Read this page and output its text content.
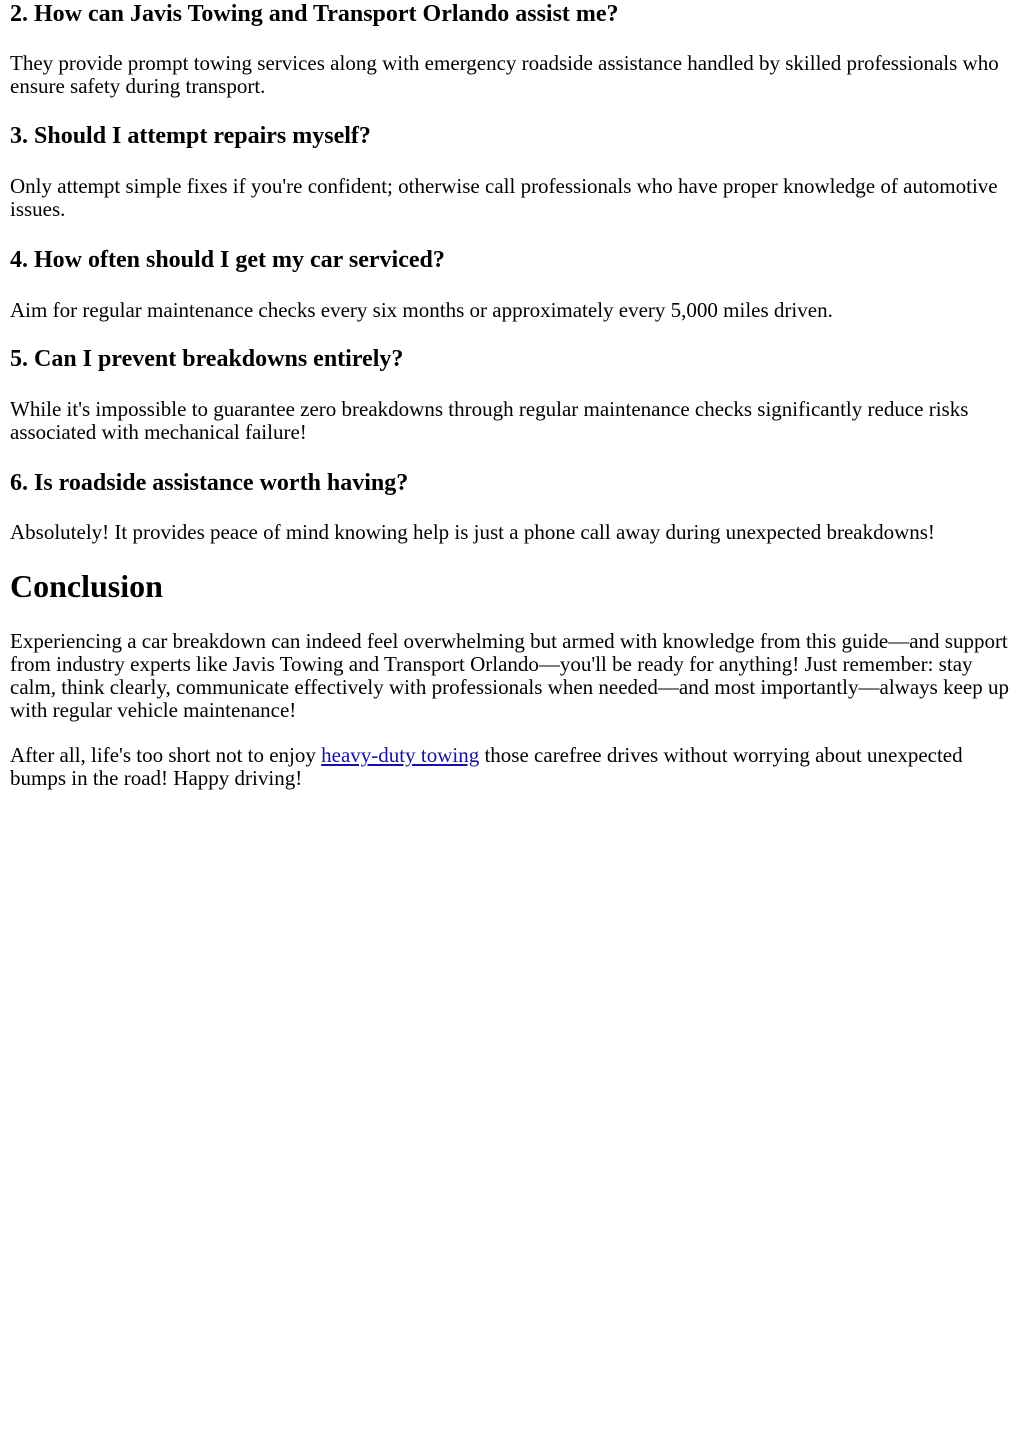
2. How can Javis Towing and Transport Orlando assist me?

They provide prompt towing services along with emergency roadside assistance handled by skilled professionals who ensure safety during transport.

3. Should I attempt repairs myself?

Only attempt simple fixes if you're confident; otherwise call professionals who have proper knowledge of automotive issues.

4. How often should I get my car serviced?

Aim for regular maintenance checks every six months or approximately every 5,000 miles driven.

5. Can I prevent breakdowns entirely?

While it's impossible to guarantee zero breakdowns through regular maintenance checks significantly reduce risks associated with mechanical failure!

6. Is roadside assistance worth having?

Absolutely! It provides peace of mind knowing help is just a phone call away during unexpected breakdowns!

Conclusion

Experiencing a car breakdown can indeed feel overwhelming but armed with knowledge from this guide—and support from industry experts like Javis Towing and Transport Orlando—you'll be ready for anything! Just remember: stay calm, think clearly, communicate effectively with professionals when needed—and most importantly—always keep up with regular vehicle maintenance!

After all, life's too short not to enjoy heavy-duty towing those carefree drives without worrying about unexpected bumps in the road! Happy driving!
